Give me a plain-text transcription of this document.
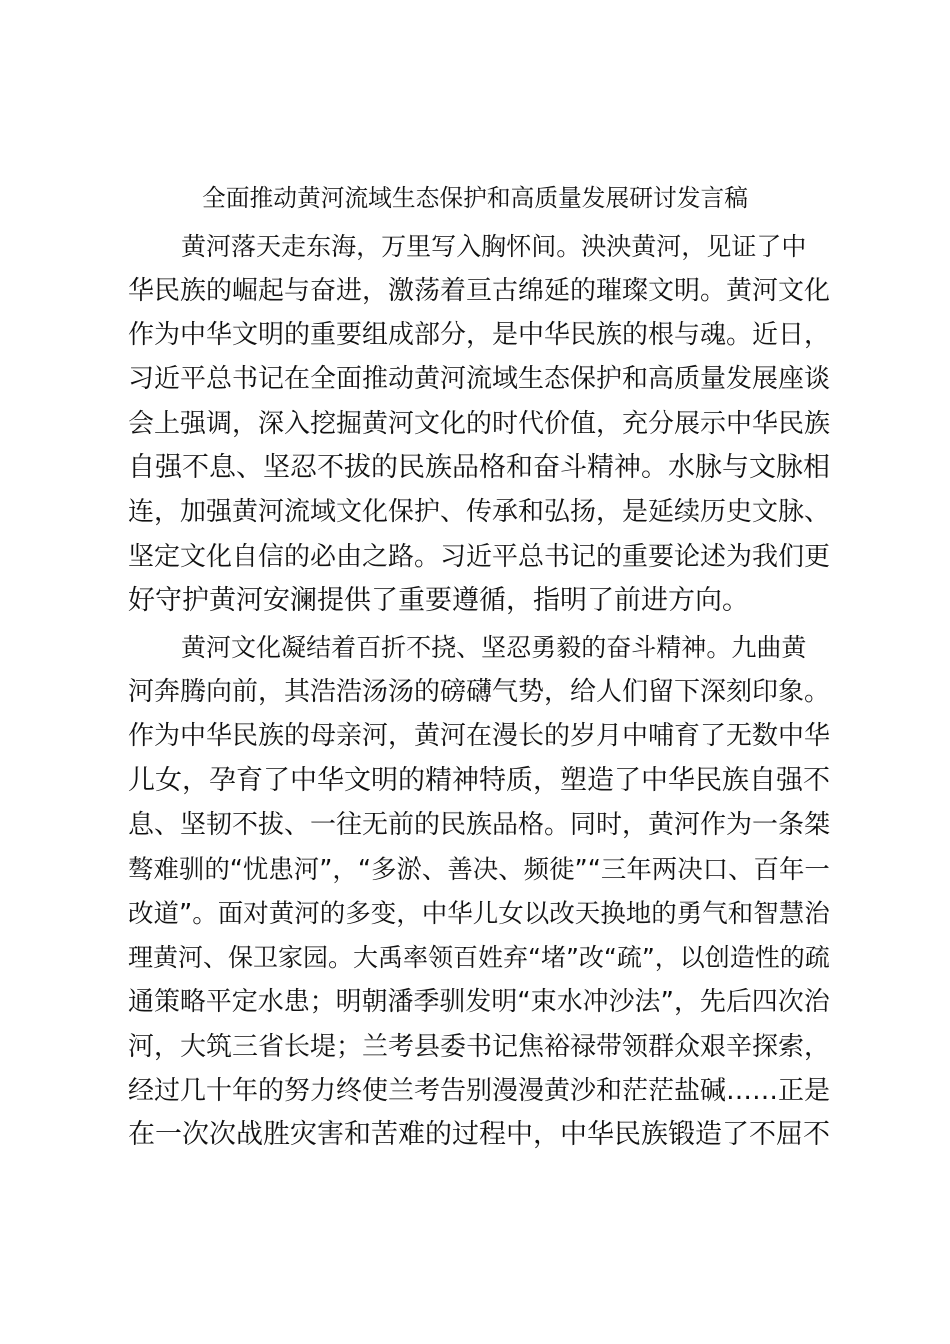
全面推动黄河流域生态保护和高质量发展研讨发言稿

黄河落天走东海，万里写入胸怀间。泱泱黄河，见证了中

华民族的崛起与奋进，激荡着亘古绵延的璀璨文明。黄河文化

作为中华文明的重要组成部分，是中华民族的根与魂。近日，

习近平总书记在全面推动黄河流域生态保护和高质量发展座谈

会上强调，深入挖掘黄河文化的时代价值，充分展示中华民族

自强不息、坚忍不拔的民族品格和奋斗精神。水脉与文脉相

连，加强黄河流域文化保护、传承和弘扬，是延续历史文脉、

坚定文化自信的必由之路。习近平总书记的重要论述为我们更

好守护黄河安澜提供了重要遵循，指明了前进方向。

黄河文化凝结着百折不挠、坚忍勇毅的奋斗精神。九曲黄

河奔腾向前，其浩浩汤汤的磅礴气势，给人们留下深刻印象。

作为中华民族的母亲河，黄河在漫长的岁月中哺育了无数中华

儿女，孕育了中华文明的精神特质，塑造了中华民族自强不

息、坚韧不拔、一往无前的民族品格。同时，黄河作为一条桀

骜难驯的“忧患河”，“多淤、善决、频徙”“三年两决口、百年一

改道”。面对黄河的多变，中华儿女以改天换地的勇气和智慧治

理黄河、保卫家园。大禹率领百姓弃“堵”改“疏”，以创造性的疏

通策略平定水患；明朝潘季驯发明“束水冲沙法”，先后四次治

河，大筑三省长堤；兰考县委书记焦裕禄带领群众艰辛探索，

经过几十年的努力终使兰考告别漫漫黄沙和茫茫盐碱……正是

在一次次战胜灾害和苦难的过程中，中华民族锻造了不屈不
